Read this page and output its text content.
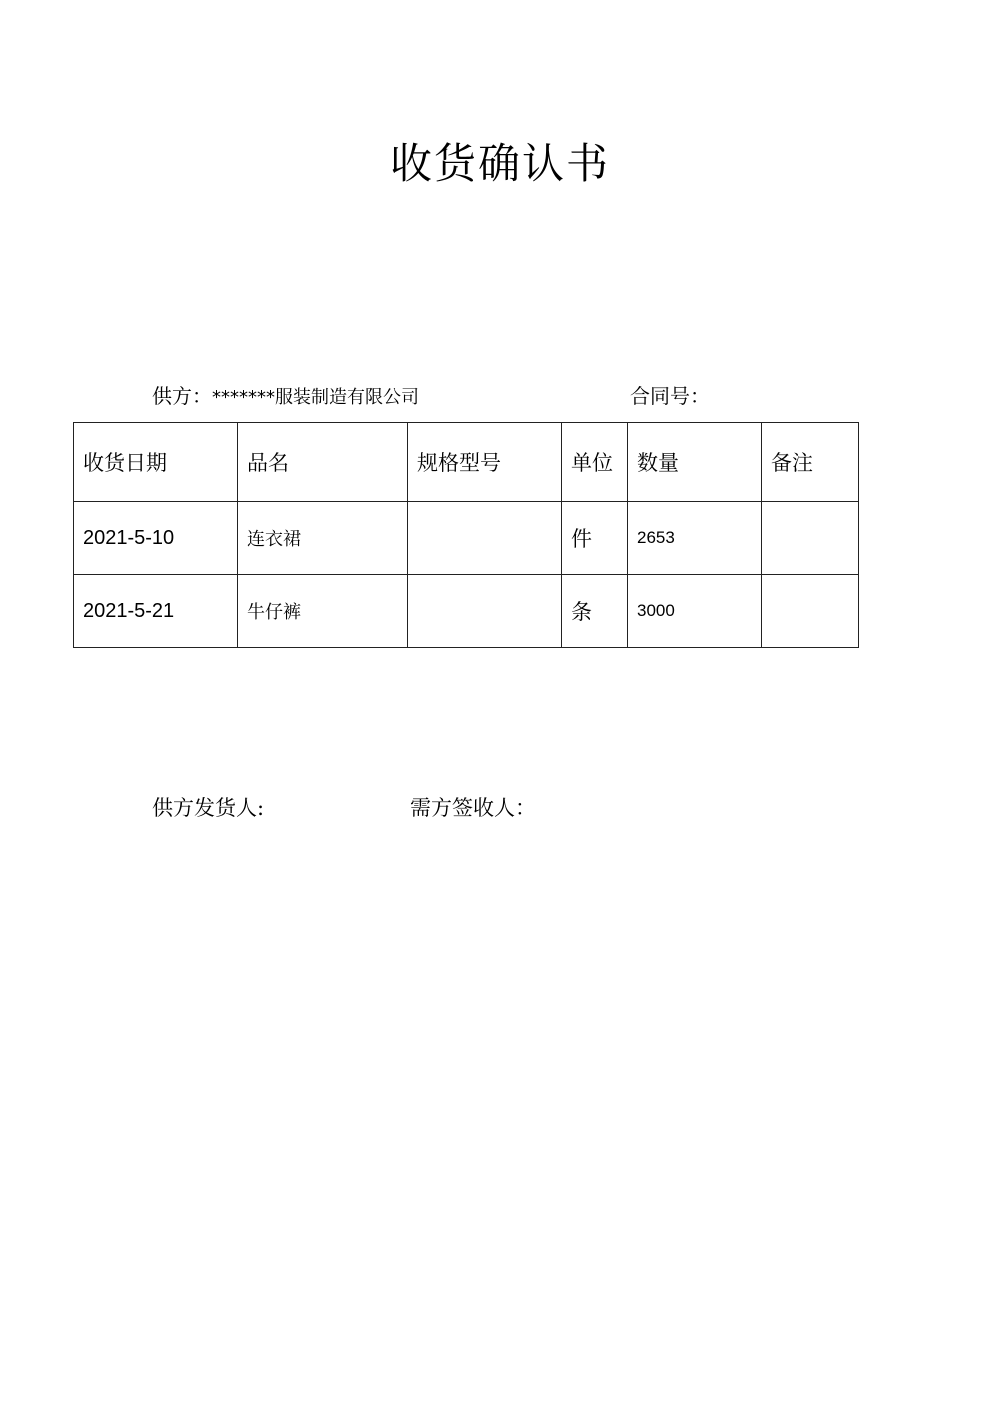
收货确认书
供方：*******服装制造有限公司	合同号：
收货日期	品名	规格型号	单位	数量	备注
2021-5-10	连衣裙		件	2653	
2021-5-21	牛仔裤		条	3000	
供方发货人:	需方签收人：
